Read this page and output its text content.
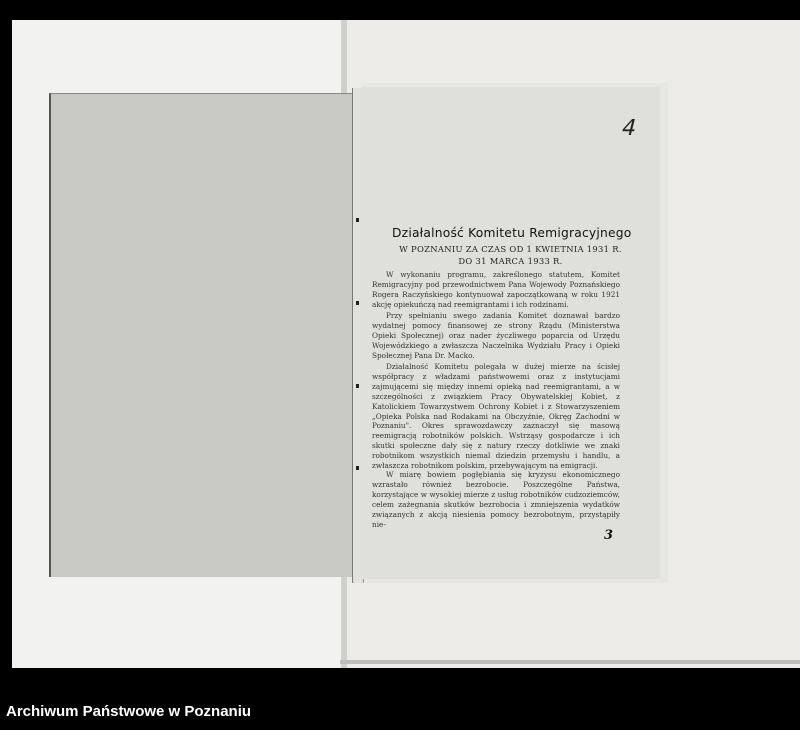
4
Działalność Komitetu Remigracyjnego
W POZNANIU ZA CZAS OD 1 KWIETNIA 1931 R.
DO 31 MARCA 1933 R.

W wykonaniu programu, zakreślonego statutem, Komitet Remigracyjny pod przewodnictwem Pana Wojewody Poznańskiego Rogera Raczyńskiego kontynuował zapoczątkowaną w roku 1921 akcję opiekuńczą nad reemigrantami i ich rodzinami.

Przy spełnianiu swego zadania Komitet doznawał bardzo wydatnej pomocy finansowej ze strony Rządu (Ministerstwa Opieki Społecznej) oraz nader życzliwego poparcia od Urzędu Wojewódzkiego a zwłaszcza Naczelnika Wydziału Pracy i Opieki Społecznej Pana Dr. Macko.

Działalność Komitetu polegała w dużej mierze na ścisłej współpracy z władzami państwowemi oraz z instytucjami zajmującemi się między innemi opieką nad reemigrantami, a w szczególności z związkiem Pracy Obywatelskiej Kobiet, z Katolickiem Towarzystwem Ochrony Kobiet i z Stowarzyszeniem „Opieka Polska nad Rodakami na Obczyźnie, Okręg Zachodni w Poznaniu". Okres sprawozdawczy zaznaczył się masową reemigracją robotników polskich. Wstrząsy gospodarcze i ich skutki społeczne dały się z natury rzeczy dotkliwie we znaki robotnikom wszystkich niemal dziedzin przemysłu i handlu, a zwłaszcza robotnikom polskim, przebywającym na emigracji.

W miarę bowiem pogłębiania się kryzysu ekonomicznego wzrastało również bezrobocie. Poszczególne Państwa, korzystające w wysokiej mierze z usług robotników cudzoziemców, celem zażegnania skutków bezrobocia i zmniejszenia wydatków związanych z akcją niesienia pomocy bezrobotnym, przystąpiły nie-

3
Archiwum Państwowe w Poznaniu
